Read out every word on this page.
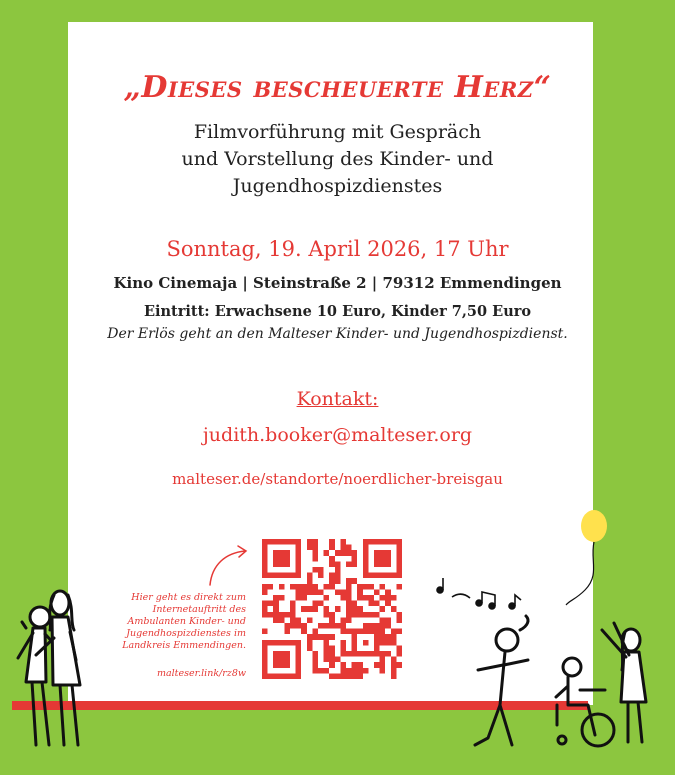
„Dieses bescheuerte Herz“
Filmvorführung mit Gespräch
und Vorstellung des Kinder- und
Jugendhospizdienstes
Sonntag, 19. April 2026, 17 Uhr
Kino Cinemaja | Steinstraße 2 | 79312 Emmendingen
Eintritt: Erwachsene 10 Euro, Kinder 7,50 Euro
Der Erlös geht an den Malteser Kinder- und Jugendhospizdienst.
Kontakt:
judith.booker@malteser.org
malteser.de/standorte/noerdlicher-breisgau
Hier geht es direkt zum
Internetauftritt des
Ambulanten Kinder- und
Jugendhospizdienstes im
Landkreis Emmendingen.
malteser.link/rz8w
